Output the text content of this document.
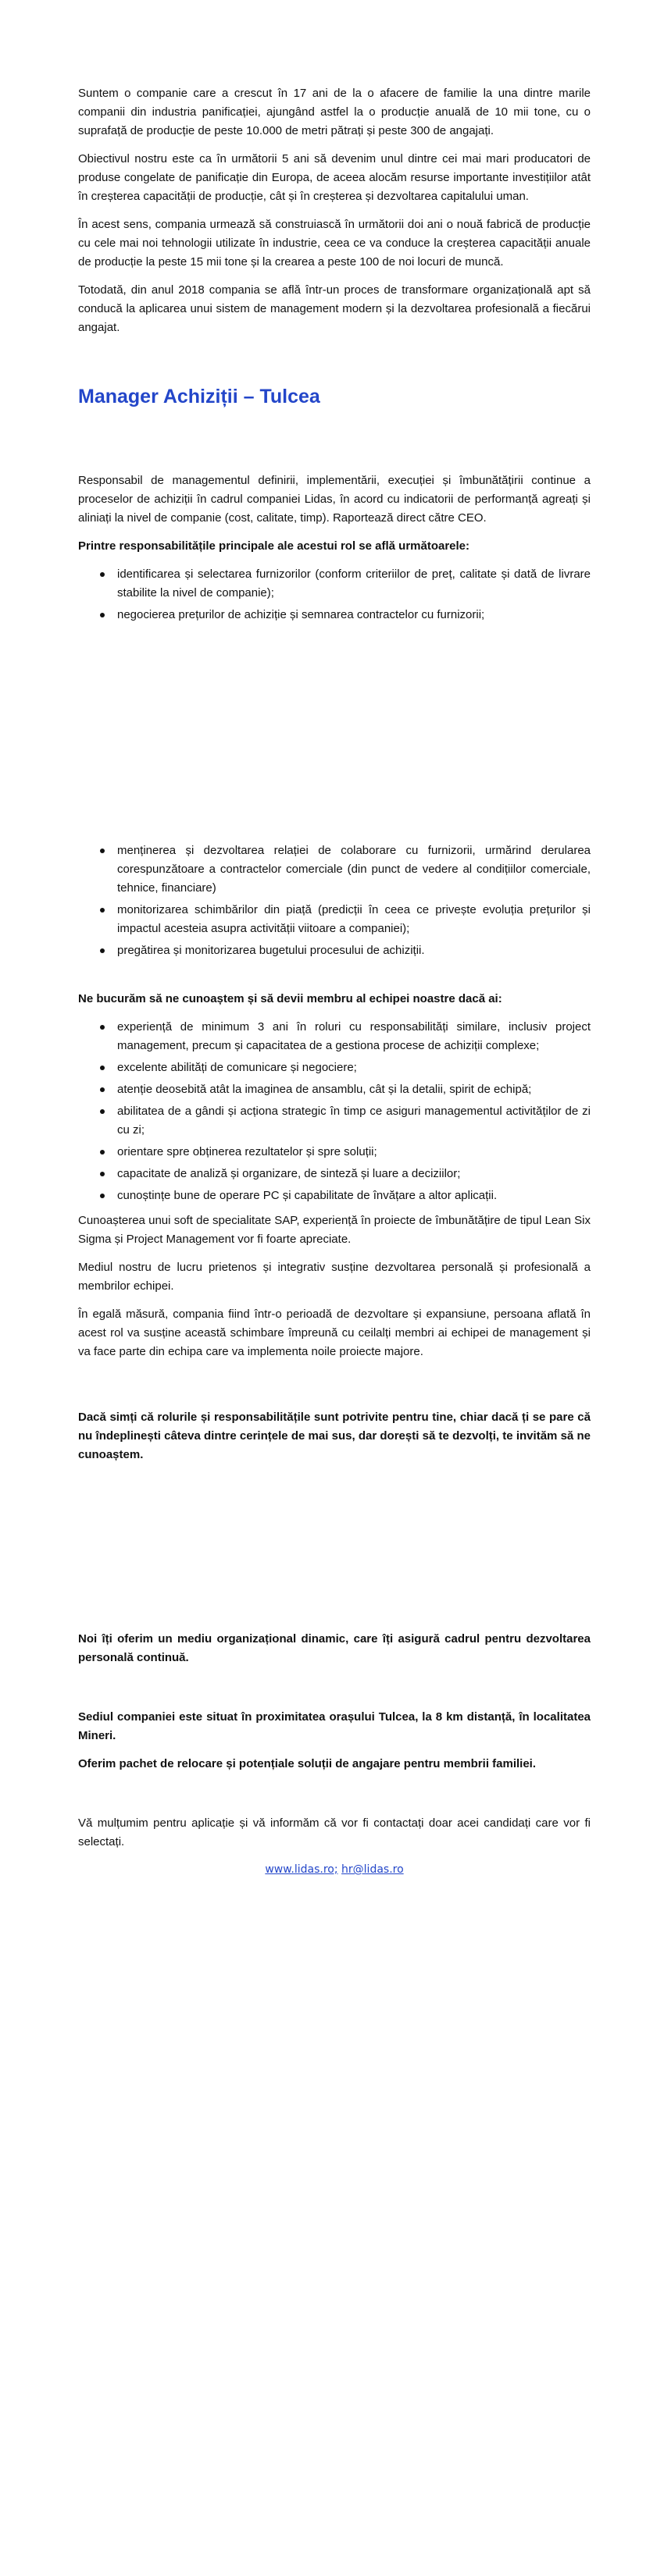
Suntem o companie care a crescut în 17 ani de la o afacere de familie la una dintre marile companii din industria panificației, ajungând astfel la o producție anuală de 10 mii tone, cu o suprafață de producție de peste 10.000 de metri pătrați și peste 300 de angajați.

Obiectivul nostru este ca în următorii 5 ani să devenim unul dintre cei mai mari producatori de produse congelate de panificație din Europa, de aceea alocăm resurse importante investițiilor atât în creșterea capacității de producție, cât și în creșterea și dezvoltarea capitalului uman.

În acest sens, compania urmează să construiască în următorii doi ani o nouă fabrică de producție cu cele mai noi tehnologii utilizate în industrie, ceea ce va conduce la creșterea capacității anuale de producție la peste 15 mii tone și la crearea a peste 100 de noi locuri de muncă.

Totodată, din anul 2018 compania se află într-un proces de transformare organizațională apt să conducă la aplicarea unui sistem de management modern și la dezvoltarea profesională a fiecărui angajat.

Manager Achiziții – Tulcea

Responsabil de managementul definirii, implementării, execuției și îmbunătățirii continue a proceselor de achiziții în cadrul companiei Lidas, în acord cu indicatorii de performanță agreați și aliniați la nivel de companie (cost, calitate, timp). Raportează direct către CEO.

Printre responsabilitățile principale ale acestui rol se află următoarele:

identificarea și selectarea furnizorilor (conform criteriilor de preț, calitate și dată de livrare stabilite la nivel de companie);
negocierea prețurilor de achiziție și semnarea contractelor cu furnizorii;
menținerea și dezvoltarea relației de colaborare cu furnizorii, urmărind derularea corespunzătoare a contractelor comerciale (din punct de vedere al condițiilor comerciale, tehnice, financiare)
monitorizarea schimbărilor din piață (predicții în ceea ce privește evoluția prețurilor și impactul acesteia asupra activității viitoare a companiei);
pregătirea și monitorizarea bugetului procesului de achiziții.

Ne bucurăm să ne cunoaștem și să devii membru al echipei noastre dacă ai:

experiență de minimum 3 ani în roluri cu responsabilități similare, inclusiv project management, precum și capacitatea de a gestiona procese de achiziții complexe;
excelente abilități de comunicare și negociere;
atenție deosebită atât la imaginea de ansamblu, cât și la detalii, spirit de echipă;
abilitatea de a gândi și acționa strategic în timp ce asiguri managementul activităților de zi cu zi;
orientare spre obținerea rezultatelor și spre soluții;
capacitate de analiză și organizare, de sinteză și luare a deciziilor;
cunoștințe bune de operare PC și capabilitate de învățare a altor aplicații.

Cunoașterea unui soft de specialitate SAP, experiență în proiecte de îmbunătățire de tipul Lean Six Sigma și Project Management vor fi foarte apreciate.

Mediul nostru de lucru prietenos și integrativ susține dezvoltarea personală și profesională a membrilor echipei.

În egală măsură, compania fiind într-o perioadă de dezvoltare și expansiune, persoana aflată în acest rol va susține această schimbare împreună cu ceilalți membri ai echipei de management și va face parte din echipa care va implementa noile proiecte majore.

Dacă simți că rolurile și responsabilitățile sunt potrivite pentru tine, chiar dacă ți se pare că nu îndeplinești câteva dintre cerințele de mai sus, dar dorești să te dezvolți, te invităm să ne cunoaștem.

Noi îți oferim un mediu organizațional dinamic, care îți asigură cadrul pentru dezvoltarea personală continuă.

Sediul companiei este situat în proximitatea orașului Tulcea, la 8 km distanță, în localitatea Mineri.

Oferim pachet de relocare și potențiale soluții de angajare pentru membrii familiei.

Vă mulțumim pentru aplicație și vă informăm că vor fi contactați doar acei candidați care vor fi selectați.

www.lidas.ro; hr@lidas.ro
